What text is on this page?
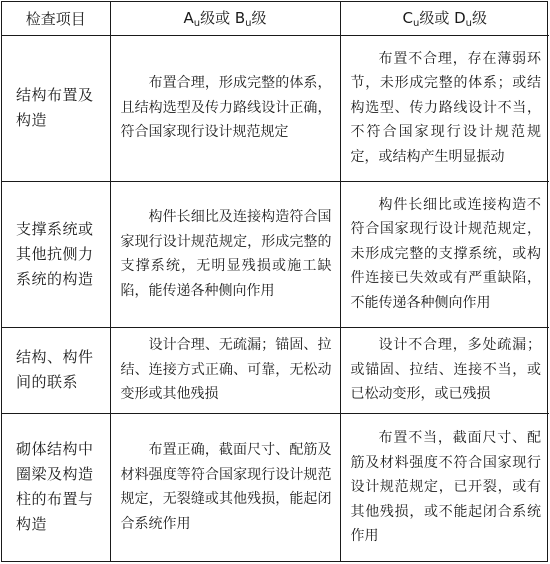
检查项目	$A_u$级或 $B_u$级	$C_u$级或 $D_u$级
结构布置及构造	布置合理，形成完整的体系，且结构选型及传力路线设计正确，符合国家现行设计规范规定	布置不合理，存在薄弱环节，未形成完整的体系；或结构选型、传力路线设计不当，不符合国家现行设计规范规定，或结构产生明显振动

支撑系统或其他抗侧力系统的构造	构件长细比及连接构造符合国家现行设计规范规定，形成完整的支撑系统，无明显残损或施工缺陷，能传递各种侧向作用	构件长细比或连接构造不符合国家现行设计规范规定，未形成完整的支撑系统，或构件连接已失效或有严重缺陷，不能传递各种侧向作用

结构、构件间的联系	设计合理、无疏漏；锚固、拉结、连接方式正确、可靠，无松动变形或其他残损	设计不合理，多处疏漏；或锚固、拉结、连接不当，或已松动变形，或已残损

砌体结构中圈梁及构造柱的布置与构造	布置正确，截面尺寸、配筋及材料强度等符合国家现行设计规范规定，无裂缝或其他残损，能起闭合系统作用	布置不当，截面尺寸、配筋及材料强度不符合国家现行设计规范规定，已开裂，或有其他残损，或不能起闭合系统作用
